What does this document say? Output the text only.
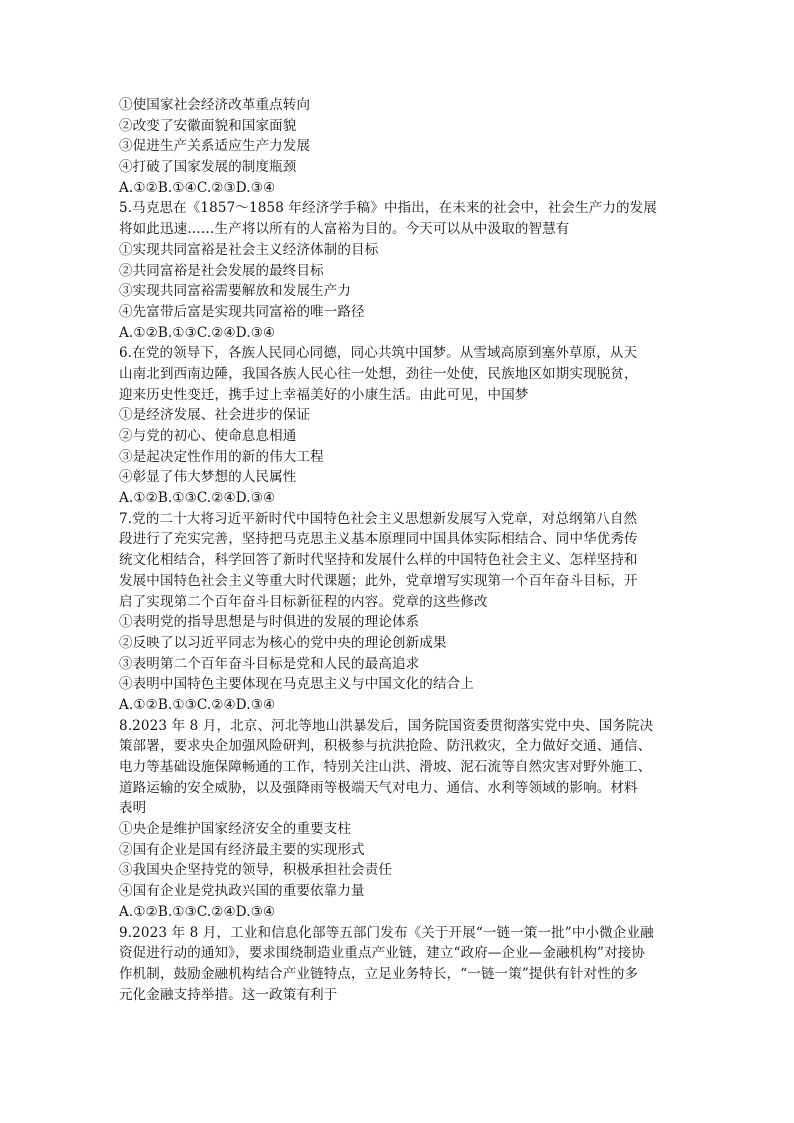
①使国家社会经济改革重点转向
②改变了安徽面貌和国家面貌
③促进生产关系适应生产力发展
④打破了国家发展的制度瓶颈
A.①②B.①④C.②③D.③④
5.马克思在《1857～1858 年经济学手稿》中指出，在未来的社会中，社会生产力的发展
将如此迅速……生产将以所有的人富裕为目的。今天可以从中汲取的智慧有
①实现共同富裕是社会主义经济体制的目标
②共同富裕是社会发展的最终目标
③实现共同富裕需要解放和发展生产力
④先富带后富是实现共同富裕的唯一路径
A.①②B.①③C.②④D.③④
6.在党的领导下，各族人民同心同德，同心共筑中国梦。从雪域高原到塞外草原，从天
山南北到西南边陲，我国各族人民心往一处想，劲往一处使，民族地区如期实现脱贫，
迎来历史性变迁，携手过上幸福美好的小康生活。由此可见，中国梦
①是经济发展、社会进步的保证
②与党的初心、使命息息相通
③是起决定性作用的新的伟大工程
④彰显了伟大梦想的人民属性
A.①②B.①③C.②④D.③④
7.党的二十大将习近平新时代中国特色社会主义思想新发展写入党章，对总纲第八自然
段进行了充实完善，坚持把马克思主义基本原理同中国具体实际相结合、同中华优秀传
统文化相结合，科学回答了新时代坚持和发展什么样的中国特色社会主义、怎样坚持和
发展中国特色社会主义等重大时代课题；此外，党章增写实现第一个百年奋斗目标，开
启了实现第二个百年奋斗目标新征程的内容。党章的这些修改
①表明党的指导思想是与时俱进的发展的理论体系
②反映了以习近平同志为核心的党中央的理论创新成果
③表明第二个百年奋斗目标是党和人民的最高追求
④表明中国特色主要体现在马克思主义与中国文化的结合上
A.①②B.①③C.②④D.③④
8.2023 年 8 月，北京、河北等地山洪暴发后，国务院国资委贯彻落实党中央、国务院决
策部署，要求央企加强风险研判，积极参与抗洪抢险、防汛救灾，全力做好交通、通信、
电力等基础设施保障畅通的工作，特别关注山洪、滑坡、泥石流等自然灾害对野外施工、
道路运输的安全威胁，以及强降雨等极端天气对电力、通信、水利等领域的影响。材料
表明
①央企是维护国家经济安全的重要支柱
②国有企业是国有经济最主要的实现形式
③我国央企坚持党的领导，积极承担社会责任
④国有企业是党执政兴国的重要依靠力量
A.①②B.①③C.②④D.③④
9.2023 年 8 月，工业和信息化部等五部门发布《关于开展“一链一策一批”中小微企业融
资促进行动的通知》，要求围绕制造业重点产业链，建立“政府—企业—金融机构”对接协
作机制，鼓励金融机构结合产业链特点，立足业务特长，“一链一策”提供有针对性的多
元化金融支持举措。这一政策有利于
